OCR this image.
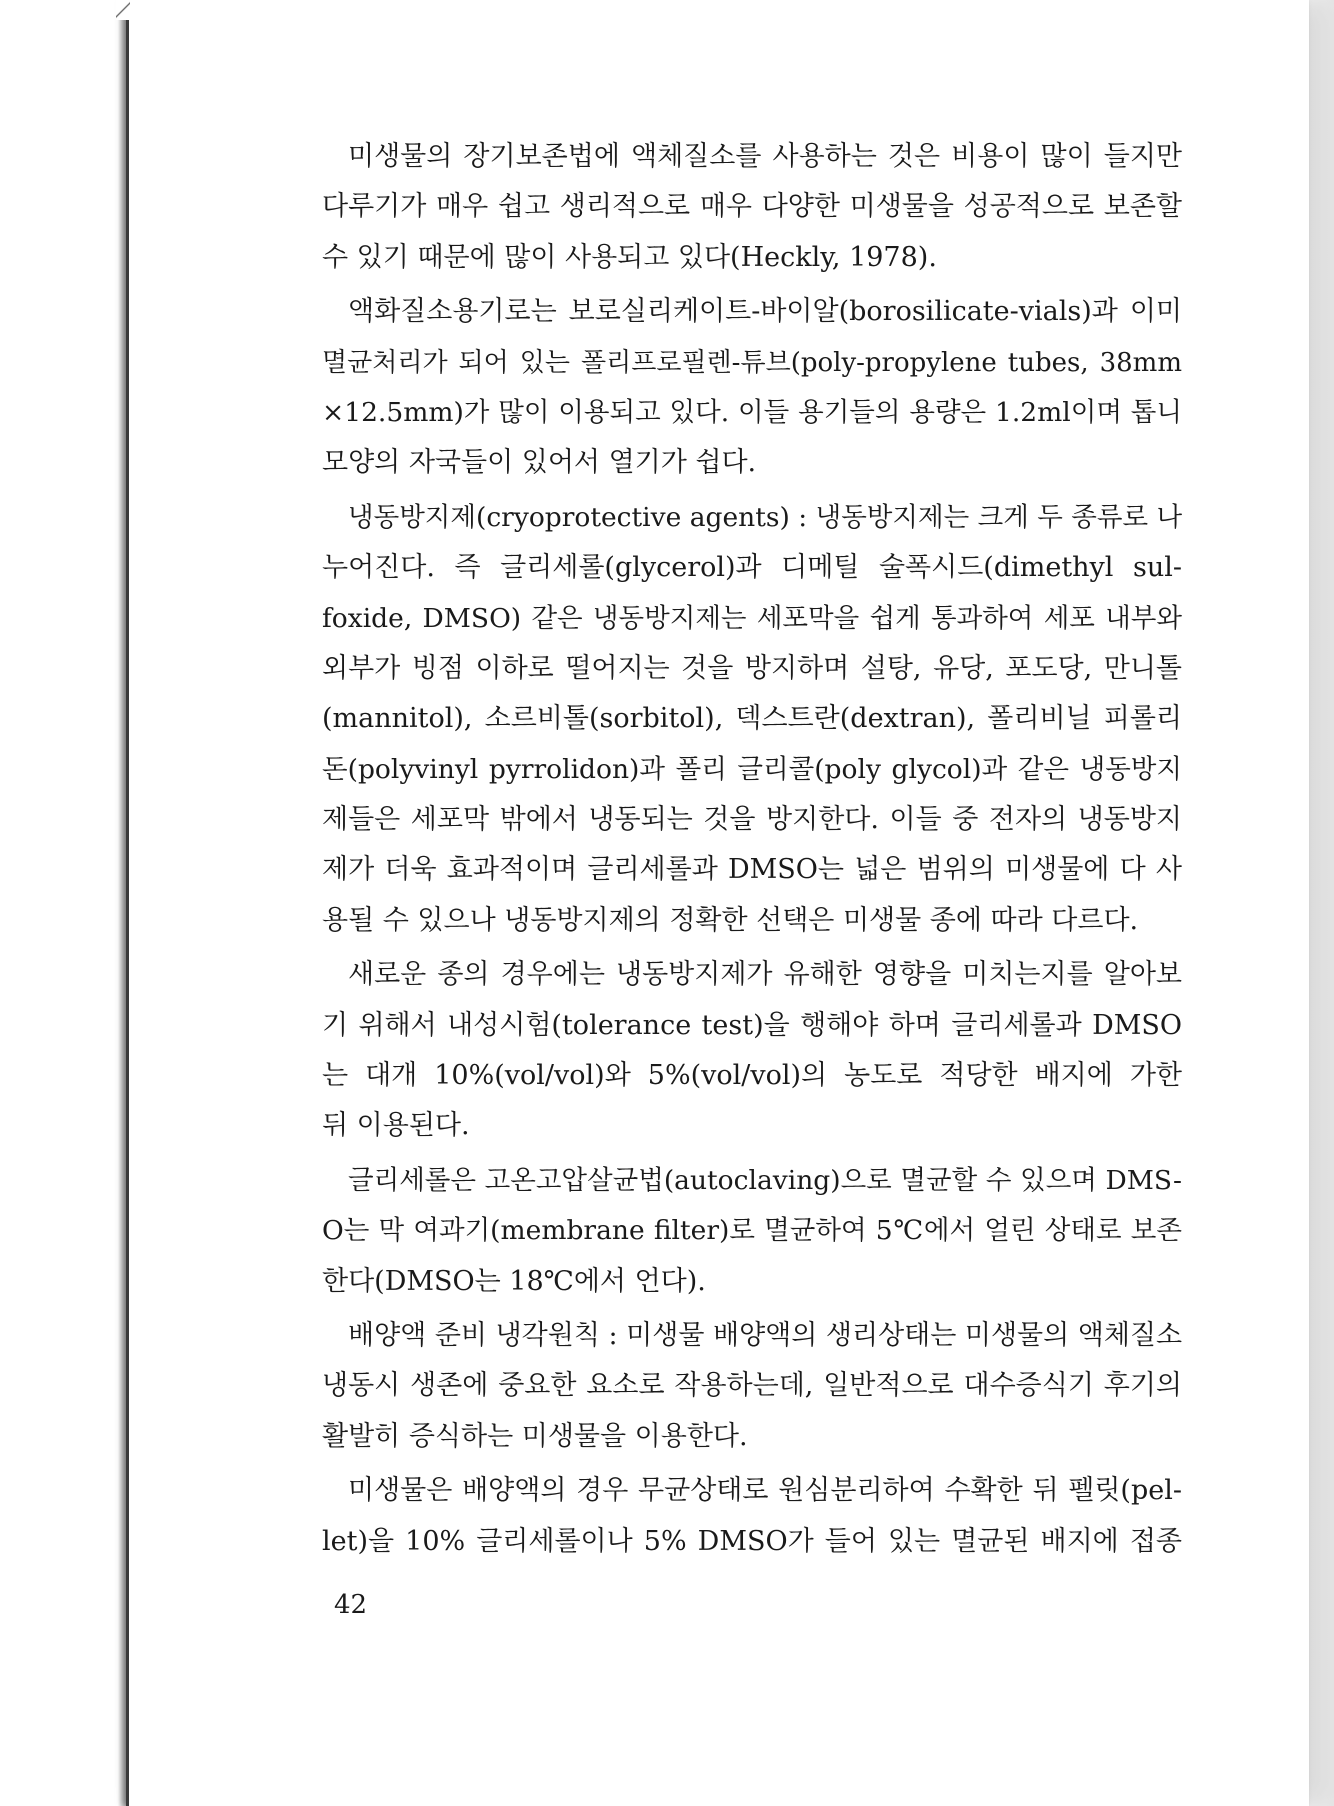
미생물의 장기보존법에 액체질소를 사용하는 것은 비용이 많이 들지만
다루기가 매우 쉽고 생리적으로 매우 다양한 미생물을 성공적으로 보존할
수 있기 때문에 많이 사용되고 있다(Heckly, 1978).
액화질소용기로는 보로실리케이트-바이알(borosilicate-vials)과 이미
멸균처리가 되어 있는 폴리프로필렌-튜브(poly-propylene tubes, 38mm
×12.5mm)가 많이 이용되고 있다. 이들 용기들의 용량은 1.2ml이며 톱니
모양의 자국들이 있어서 열기가 쉽다.
냉동방지제(cryoprotective agents) : 냉동방지제는 크게 두 종류로 나
누어진다. 즉 글리세롤(glycerol)과 디메틸 술폭시드(dimethyl sul-
foxide, DMSO) 같은 냉동방지제는 세포막을 쉽게 통과하여 세포 내부와
외부가 빙점 이하로 떨어지는 것을 방지하며 설탕, 유당, 포도당, 만니톨
(mannitol), 소르비톨(sorbitol), 덱스트란(dextran), 폴리비닐 피롤리
돈(polyvinyl pyrrolidon)과 폴리 글리콜(poly glycol)과 같은 냉동방지
제들은 세포막 밖에서 냉동되는 것을 방지한다. 이들 중 전자의 냉동방지
제가 더욱 효과적이며 글리세롤과 DMSO는 넓은 범위의 미생물에 다 사
용될 수 있으나 냉동방지제의 정확한 선택은 미생물 종에 따라 다르다.
새로운 종의 경우에는 냉동방지제가 유해한 영향을 미치는지를 알아보
기 위해서 내성시험(tolerance test)을 행해야 하며 글리세롤과 DMSO
는 대개 10%(vol/vol)와 5%(vol/vol)의 농도로 적당한 배지에 가한
뒤 이용된다.
글리세롤은 고온고압살균법(autoclaving)으로 멸균할 수 있으며 DMS-
O는 막 여과기(membrane filter)로 멸균하여 5℃에서 얼린 상태로 보존
한다(DMSO는 18℃에서 언다).
배양액 준비 냉각원칙 : 미생물 배양액의 생리상태는 미생물의 액체질소
냉동시 생존에 중요한 요소로 작용하는데, 일반적으로 대수증식기 후기의
활발히 증식하는 미생물을 이용한다.
미생물은 배양액의 경우 무균상태로 원심분리하여 수확한 뒤 펠릿(pel-
let)을 10% 글리세롤이나 5% DMSO가 들어 있는 멸균된 배지에 접종
42
